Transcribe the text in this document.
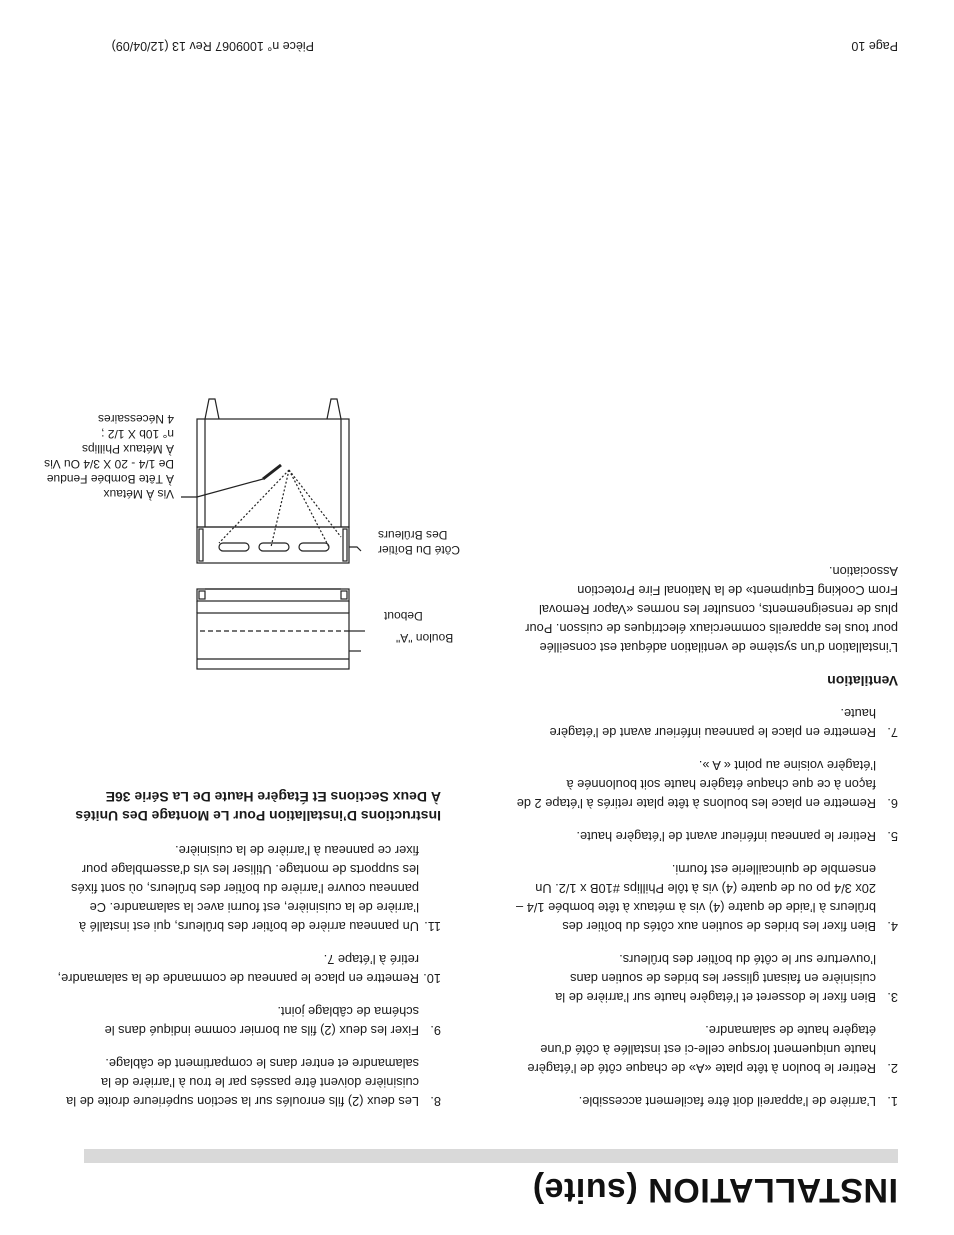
INSTALLATION (suite)
1.
L’arrière de l’appareil doit être facilement accessible.
2.
Retirer le boulon à tête plate «A» de chaque côté de l’étagère haute uniquement lorsque celle-ci est installée à côté d’une étagère haute de salamandre.
3.
Bien fixer le dosseret et l’étagère haute sur l’arrière de la cuisinière en faisant glisser les brides de soutien dans l’ouverture sur le côté du boîtier des brûleurs.
4.
Bien fixer les brides de soutien aux côtés du boîtier des brûleurs à l’aide de quatre (4) vis à métaux à tête bombée 1/4 – 20x 3/4 po ou de quatre (4) vis à tôle Phillips #10B x 1/2. Un ensemble de quincaillerie est fourni.
5.
Retirer le panneau inférieur avant de l’étagère haute.
6.
Remettre en place les boulons à tête plate retirés à l’étape 2 de façon à ce que chaque étagère haute soit boulonnée à l’étagère voisine au point « A ».
7.
Remettre en place le panneau inférieur avant de l’étagère haute.
Ventilation

L’installation d’un système de ventilation adéquat est conseillée pour tous les appareils commerciaux électriques de cuisson. Pour plus de renseignements, consulter les normes «Vapor Removal From Cooking Equipment» de la National Fire Protection Association.

8.
Les deux (2) fils enroulés sur la section supérieure droite de la cuisinière doivent être passés par le trou à l’arrière de la salamandre et entrer dans le compartiment de câblage.
9.
Fixer les deux (2) fils au bornier comme indiqué dans le schéma de câblage joint.
10.
Remettre en place le panneau de commande de la salamandre, retiré à l’étape 7.
11.
Un panneau arrière de boîtier des brûleurs, qui est installé à l’arrière de la cuisinière, est fourni avec la salamandre. Ce panneau couvre l’arrière du boîtier des brûleurs, où sont fixés les supports de montage. Utiliser les vis d’assemblage pour fixer ce panneau à l’arrière de la cuisinière.
Instructions D’installation Pour Le Montage Des Unités À Deux Sections Et Étagère Haute De La Série 36E
Boulon "A"
Debout
Côté Du Boîtier
Des Brûleurs
Vis À Métaux
À Tête Bombée Fendue
De 1/4 - 20 X 3/4 Ou Vis
À Métaux Phillips
n° 10b X 1/2 ;
4 Nécessaires
Page 10
Pièce n° 1009067 Rev 13 (12/04/09)
